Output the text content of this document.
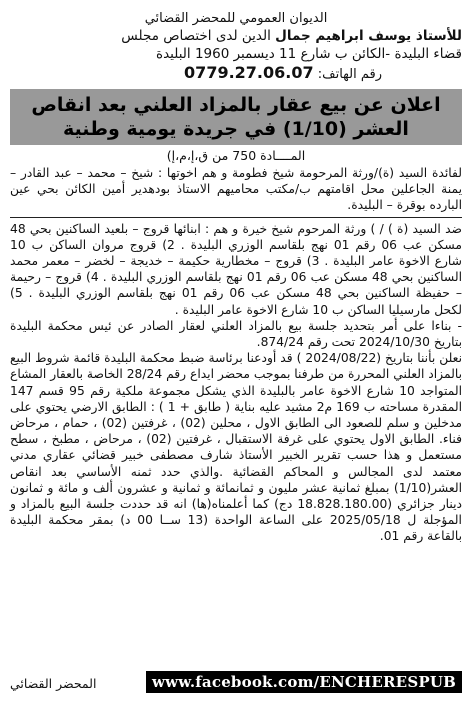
الديوان العمومي للمحضر القضائي
للأستاذ يوسف ابراهيم جمال الدين لدى اختصاص مجلس
قضاء البليدة -الكائن ب شارع 11 ديسمبر 1960 البليدة
رقم الهاتف: 0779.27.06.07
اعلان عن بيع عقار بالمزاد العلني بعد انقاص العشر (1/10) في جريدة يومية وطنية
المــــادة 750 من ق،إ،م،إ)

لفائدة السيد (ة)/ورثة المرحومة شيخ فطومة و هم اخوتها : شيخ – محمد – عبد القادر – يمنة الجاعلين محل اقامتهم ب/مكتب محاميهم الاستاذ بودهدير أمين الكائن بحي عين البارده بوقرة – البليدة.

ضد السيد (ة ) / ) ورثة المرحوم شيخ خيرة و هم : ابنائها قروج – بلعيد الساكنين بحي 48 مسكن عب 06 رقم 01 نهج بلقاسم الوزري البليدة . 2) قروج مروان الساكن ب 10 شارع الاخوة عامر البليدة . 3) قروج – مخطارية حكيمة – خديجة – لخضر – معمر محمد الساكنين بحي 48 مسكن عب 06 رقم 01 نهج بلقاسم الوزري البليدة . 4) قروج – رحيمة – حفيظة الساكنين بحي 48 مسكن عب 06 رقم 01 نهج بلقاسم الوزري البليدة . 5) لكحل مارسيليا الساكن ب 10 شارع الاخوة عامر البليدة .

- بناءا على أمر بتحديد جلسة بيع بالمزاد العلني لعقار الصادر عن ئيس محكمة البليدة بتاريخ 2024/10/30 تحت رقم 874/24.

نعلن بأننا بتاريخ (2024/08/22 ) قد أودعنا برئاسة ضبط محكمة البليدة قائمة شروط البيع بالمزاد العلني المحررة من طرفنا بموجب محضر ايداع رقم 28/24 الخاصة بالعقار المشاع المتواجد 10 شارع الاخوة عامر بالبليدة الذي يشكل مجموعة ملكية رقم 95 قسم 147 المقدرة مساحته ب 169 م2 مشيد عليه بناية ( طابق + 1 ) : الطابق الارضي يحتوي على مدخلين و سلم للصعود الى الطابق الاول ، محلين (02) ، غرفتين (02) ، حمام ، مرحاض فناء. الطابق الاول يحتوي على غرفة الاستقبال ، غرفتين (02) ، مرحاض ، مطبخ ، سطح مستعمل و هذا حسب تقرير الخبير الأستاذ شارف مصطفى خبير قضائي عقاري مدني معتمد لدى المجالس و المحاكم القضائية .والذي حدد ثمنه الأساسي بعد انقاص العشر(1/10) بمبلغ ثمانية عشر مليون و ثمانمائة و ثمانية و عشرون ألف و مائة و ثمانون دينار جزائري (18.828.180.00 دج) كما أعلمناه(ها) انه قد حددت جلسة البيع بالمزاد و المؤجلة ل 2025/05/18 على الساعة الواحدة (13 ســا 00 د) بمقر محكمة البليدة بالقاعة رقم 01.

www.facebook.com/ENCHERESPUB
المحضر القضائي
